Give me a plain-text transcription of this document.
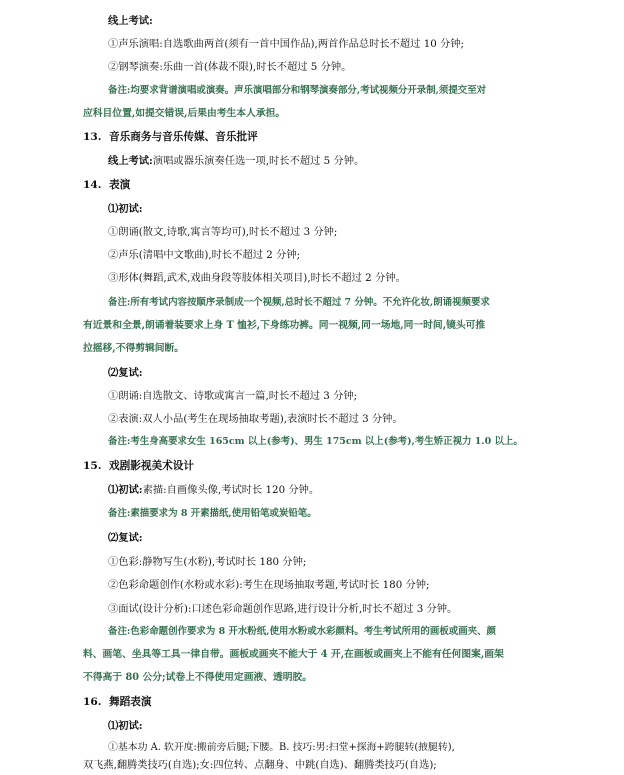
线上考试:
①声乐演唱:自选歌曲两首(须有一首中国作品),两首作品总时长不超过 10 分钟;
②钢琴演奏:乐曲一首(体裁不限),时长不超过 5 分钟。
备注:均要求背谱演唱或演奏。声乐演唱部分和钢琴演奏部分,考试视频分开录制,须提交至对
应科目位置,如提交错误,后果由考生本人承担。
13. 音乐商务与音乐传媒、音乐批评
线上考试:演唱或器乐演奏任选一项,时长不超过 5 分钟。
14. 表演
⑴初试:
①朗诵(散文,诗歌,寓言等均可),时长不超过 3 分钟;
②声乐(清唱中文歌曲),时长不超过 2 分钟;
③形体(舞蹈,武术,戏曲身段等肢体相关项目),时长不超过 2 分钟。
备注:所有考试内容按顺序录制成一个视频,总时长不超过 7 分钟。不允许化妆,朗诵视频要求
有近景和全景,朗诵着装要求上身 T 恤衫,下身练功裤。同一视频,同一场地,同一时间,镜头可推
拉摇移,不得剪辑间断。
⑵复试:
①朗诵:自选散文、诗歌或寓言一篇,时长不超过 3 分钟;
②表演:双人小品(考生在现场抽取考题),表演时长不超过 3 分钟。
备注:考生身高要求女生 165cm 以上(参考)、男生 175cm 以上(参考),考生矫正视力 1.0 以上。
15. 戏剧影视美术设计
⑴初试:素描:自画像头像,考试时长 120 分钟。
备注:素描要求为 8 开素描纸,使用铅笔或炭铅笔。
⑵复试:
①色彩:静物写生(水粉),考试时长 180 分钟;
②色彩命题创作(水粉或水彩):考生在现场抽取考题,考试时长 180 分钟;
③面试(设计分析):口述色彩命题创作思路,进行设计分析,时长不超过 3 分钟。
备注:色彩命题创作要求为 8 开水粉纸,使用水粉或水彩颜料。考生考试所用的画板或画夹、颜
料、画笔、坐具等工具一律自带。画板或画夹不能大于 4 开,在画板或画夹上不能有任何图案,画架
不得高于 80 公分;试卷上不得使用定画液、透明胶。
16. 舞蹈表演
⑴初试:
①基本功 A. 软开度:搬前旁后腿;下腰。B. 技巧:男:扫堂+探海+跨腿转(掖腿转),
双飞燕,翻腾类技巧(自选);女:四位转、点翻身、中跳(自选)、翻腾类技巧(自选);
